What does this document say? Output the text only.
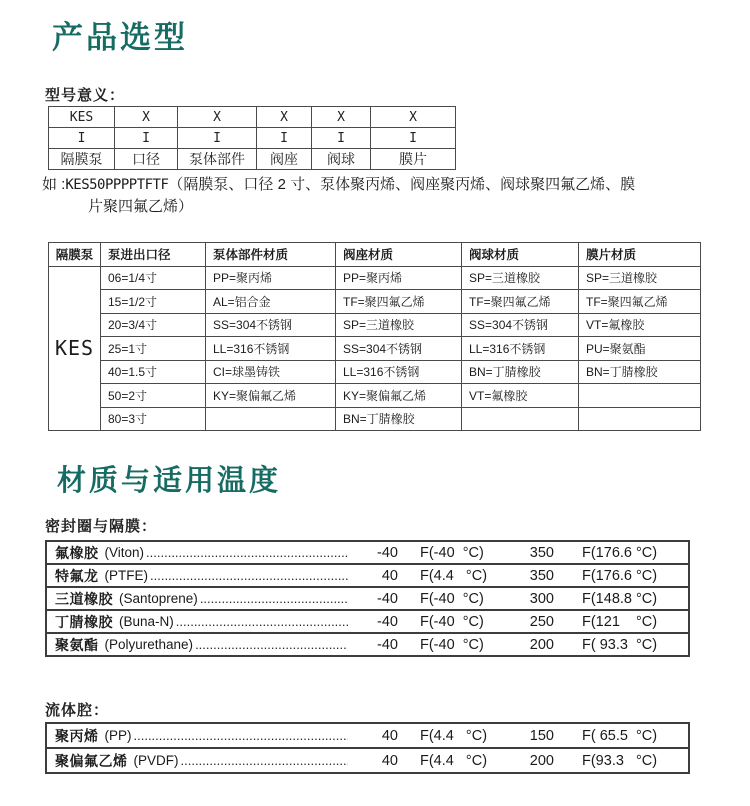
产品选型
型号意义：
KES	X	X	X	X	X
I	I	I	I	I	I
隔膜泵	口径	泵体部件	阀座	阀球	膜片
如 :KES50PPPPTFTF（隔膜泵、口径 2 寸、泵体聚丙烯、阀座聚丙烯、阀球聚四氟乙烯、膜
片聚四氟乙烯）
隔膜泵	泵进出口径	泵体部件材质	阀座材质	阀球材质	膜片材质
KES	06=1/4寸	PP=聚丙烯	PP=聚丙烯	SP=三道橡胶	SP=三道橡胶
	15=1/2寸	AL=铝合金	TF=聚四氟乙烯	TF=聚四氟乙烯	TF=聚四氟乙烯
	20=3/4寸	SS=304不锈钢	SP=三道橡胶	SS=304不锈钢	VT=氟橡胶
	25=1寸	LL=316不锈钢	SS=304不锈钢	LL=316不锈钢	PU=聚氨酯
	40=1.5寸	CI=球墨铸铁	LL=316不锈钢	BN=丁腈橡胶	BN=丁腈橡胶
	50=2寸	KY=聚偏氟乙烯	KY=聚偏氟乙烯	VT=氟橡胶	
	80=3寸		BN=丁腈橡胶		
材质与适用温度
密封圈与隔膜：
氟橡胶 (Viton) .....	-40	F(-40  °C)	350	F(176.6 °C)
特氟龙 (PTFE) .....	40	F(4.4   °C)	350	F(176.6 °C)
三道橡胶 (Santoprene) .....	-40	F(-40  °C)	300	F(148.8 °C)
丁腈橡胶 (Buna-N) .....	-40	F(-40  °C)	250	F(121    °C)
聚氨酯 (Polyurethane) .....	-40	F(-40  °C)	200	F( 93.3  °C)
流体腔：
聚丙烯 (PP) .....	40	F(4.4   °C)	150	F( 65.5  °C)
聚偏氟乙烯 (PVDF) .....	40	F(4.4   °C)	200	F(93.3   °C)
